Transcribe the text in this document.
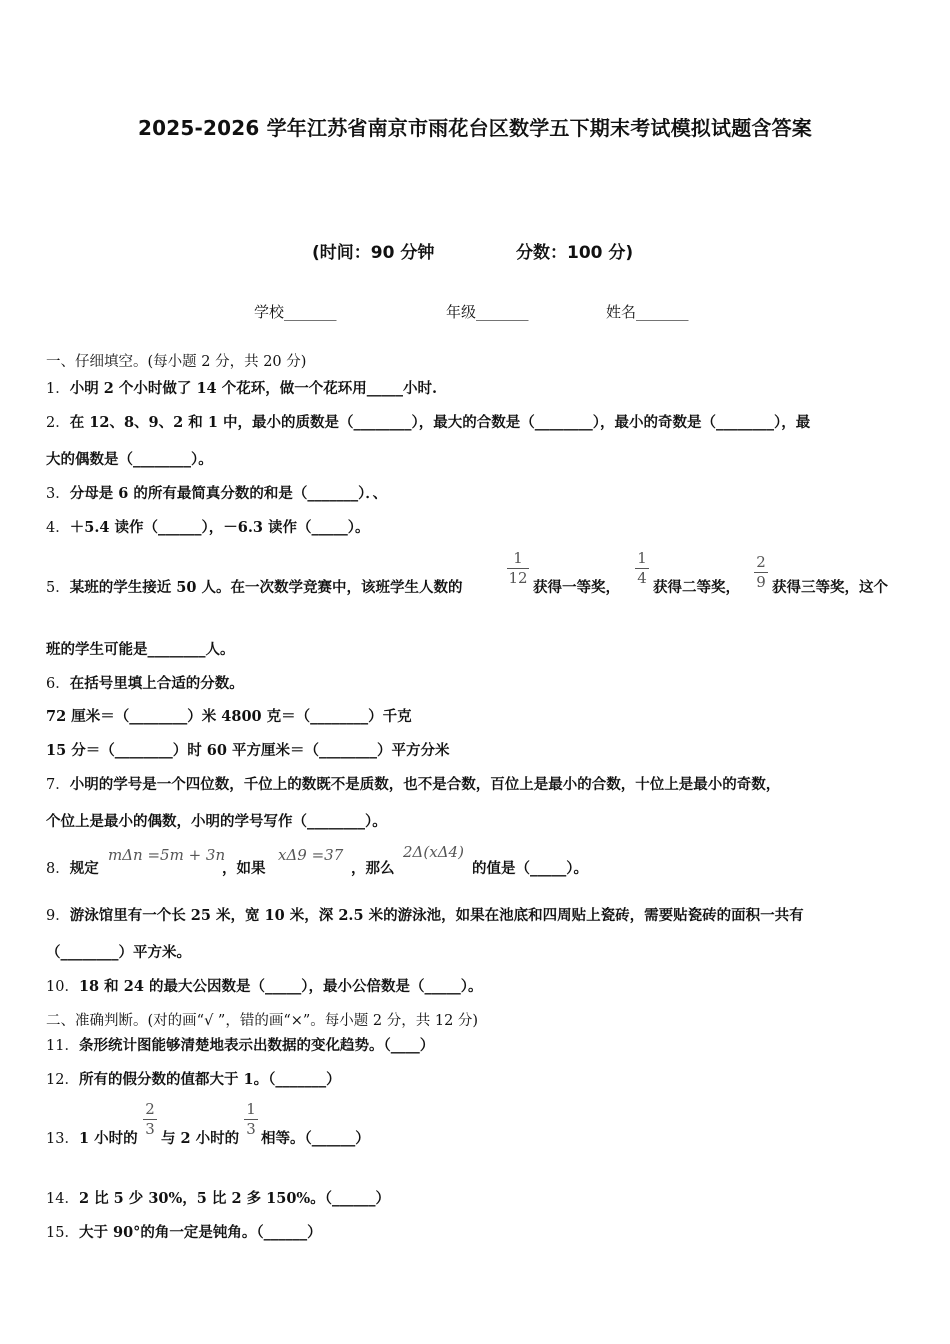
2025-2026 学年江苏省南京市雨花台区数学五下期末考试模拟试题含答案
(时间：90 分钟	分数：100 分)
学校_______	年级_______	姓名_______
一、仔细填空。(每小题 2 分，共 20 分)
1．小明 2 个小时做了 14 个花环，做一个花环用_____小时.
2．在 12、8、9、2 和 1 中，最小的质数是（________），最大的合数是（________），最小的奇数是（________），最
大的偶数是（________）。
3．分母是 6 的所有最简真分数的和是（_______）．、
4．＋5.4 读作（______），－6.3 读作（_____）。
5．某班的学生接近 50 人。在一次数学竞赛中，该班学生人数的
1
12
获得一等奖，
1
4
获得二等奖，
2
9 获得三等奖，这个
班的学生可能是________人。
6．在括号里填上合适的分数。
72 厘米＝（________）米 4800 克＝（________）千克
15 分＝（________）时 60 平方厘米＝（________）平方分米
7．小明的学号是一个四位数，千位上的数既不是质数，也不是合数，百位上是最小的合数，十位上是最小的奇数，
个位上是最小的偶数，小明的学号写作（________）。
8．规定
mΔn =5m + 3n
，如果
xΔ9 =37
，那么
2Δ(xΔ4)
的值是（_____）。
9．游泳馆里有一个长 25 米，宽 10 米，深 2.5 米的游泳池，如果在池底和四周贴上瓷砖，需要贴瓷砖的面积一共有
（________）平方米。
10．18 和 24 的最大公因数是（_____），最小公倍数是（_____）。
二、准确判断。(对的画“√ ”，错的画“×”。每小题 2 分，共 12 分)
11．条形统计图能够清楚地表示出数据的变化趋势。（____）
12．所有的假分数的值都大于 1。（_______）
13．1 小时的
2
3
与 2 小时的
1
3
相等。（______）
14．2 比 5 少 30%，5 比 2 多 150%。（______）
15．大于 90°的角一定是钝角。（______）
